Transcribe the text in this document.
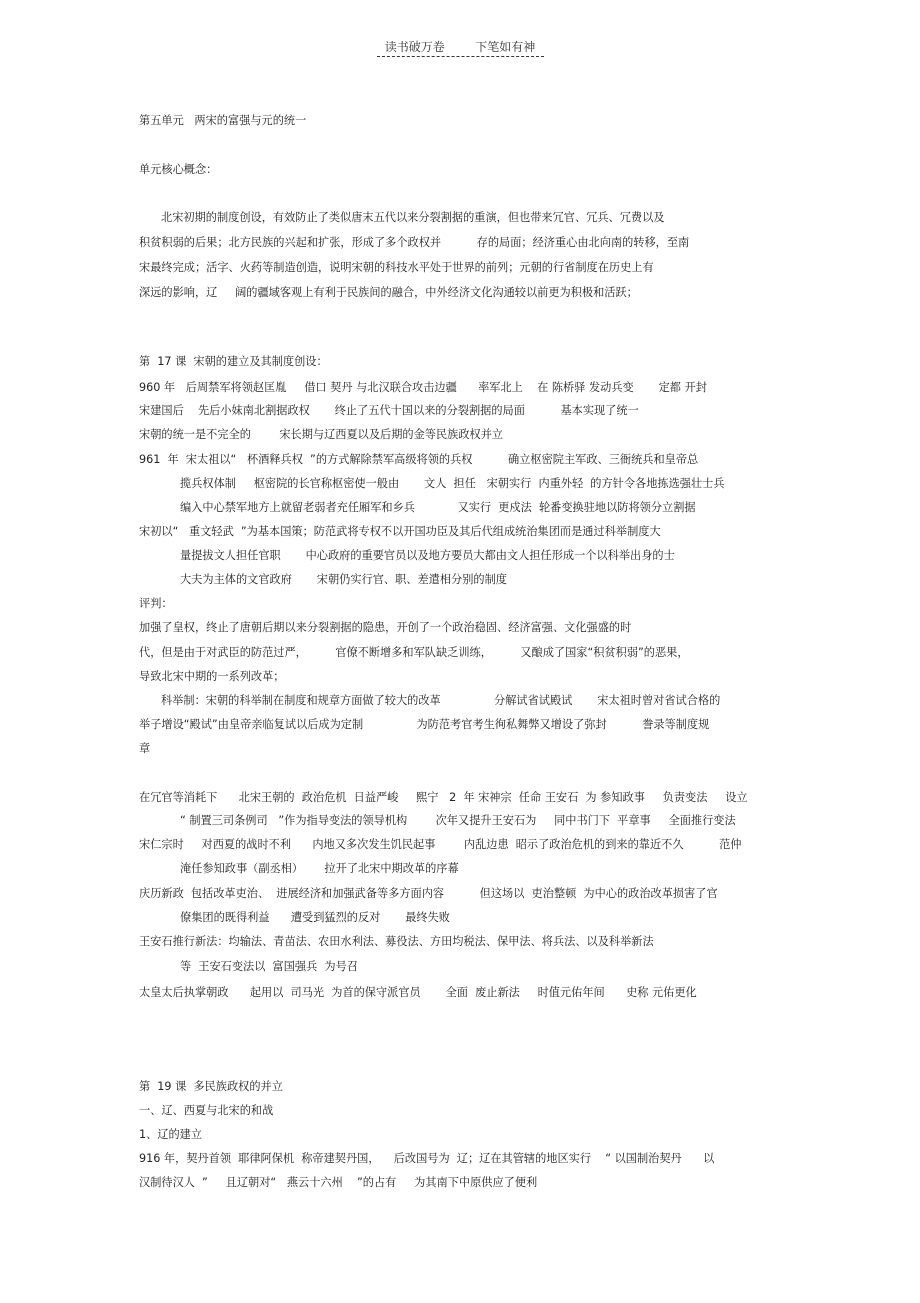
读书破万卷        下笔如有神
第五单元   两宋的富强与元的统一
单元核心概念：
北宋初期的制度创设，有效防止了类似唐末五代以来分裂割据的重演，但也带来冗官、冗兵、冗费以及
积贫积弱的后果；北方民族的兴起和扩张，形成了多个政权并          存的局面；经济重心由北向南的转移，至南
宋最终完成；活字、火药等制造创造，说明宋朝的科技水平处于世界的前列；元朝的行省制度在历史上有
深远的影响，辽     阔的疆域客观上有利于民族间的融合，中外经济文化沟通较以前更为积极和活跃；
第  17 课  宋朝的建立及其制度创设：
960 年   后周禁军将领赵匡胤     借口 契丹 与北汉联合攻击边疆      率军北上    在 陈桥驿 发动兵变       定都 开封
宋建国后    先后小妹南北割据政权       终止了五代十国以来的分裂割据的局面          基本实现了统一
宋朝的统一是不完全的        宋长期与辽西夏以及后期的金等民族政权并立
961  年  宋太祖以“   杯酒释兵权  ”的方式解除禁军高级将领的兵权          确立枢密院主军政、三衙统兵和皇帝总
揽兵权体制     枢密院的长官称枢密使一般由       文人  担任   宋朝实行  内重外轻  的方针令各地拣选强壮士兵
编入中心禁军地方上就留老弱者充任厢军和乡兵            又实行  更戍法  轮番变换驻地以防将领分立割据
宋初以“   重文轻武  ”为基本国策；防范武将专权不以开国功臣及其后代组成统治集团而是通过科举制度大
量提拔文人担任官职       中心政府的重要官员以及地方要员大都由文人担任形成一个以科举出身的士
大夫为主体的文官政府       宋朝仍实行官、职、差遣相分别的制度
评判：
加强了皇权，终止了唐朝后期以来分裂割据的隐患，开创了一个政治稳固、经济富强、文化强盛的时
代，但是由于对武臣的防范过严，        官僚不断增多和军队缺乏训练，        又酿成了国家“积贫积弱”的恶果，
导致北宋中期的一系列改革；
科举制：宋朝的科举制在制度和规章方面做了较大的改革               分解试省试殿试       宋太祖时曾对省试合格的
举子增设“殿试”由皇帝亲临复试以后成为定制               为防范考官考生徇私舞弊又增设了弥封          誊录等制度规
章
在冗官等消耗下      北宋王朝的  政治危机  日益严峻     熙宁   2  年 宋神宗  任命 王安石  为 参知政事     负责变法     设立
“ 制置三司条例司   ”作为指导变法的领导机构        次年又提升王安石为     同中书门下  平章事     全面推行变法
宋仁宗时     对西夏的战时不利      内地又多次发生饥民起事        内乱边患  昭示了政治危机的到来的靠近不久          范仲
淹任参知政事（副丞相）      拉开了北宋中期改革的序幕
庆历新政  包括改革吏治、  进展经济和加强武备等多方面内容          但这场以  吏治整顿  为中心的政治改革损害了官
僚集团的既得利益      遭受到猛烈的反对       最终失败
王安石推行新法：均输法、青苗法、农田水利法、募役法、方田均税法、保甲法、将兵法、以及科举新法
等  王安石变法以  富国强兵  为号召
太皇太后执掌朝政      起用以  司马光  为首的保守派官员       全面  废止新法     时值元佑年间      史称 元佑更化
第  19 课  多民族政权的并立
一、辽、西夏与北宋的和战
1、辽的建立
916 年，契丹首领  耶律阿保机  称帝建契丹国，    后改国号为  辽；辽在其管辖的地区实行    “ 以国制治契丹      以
汉制待汉人  ”     且辽朝对“   燕云十六州    ”的占有     为其南下中原供应了便利
